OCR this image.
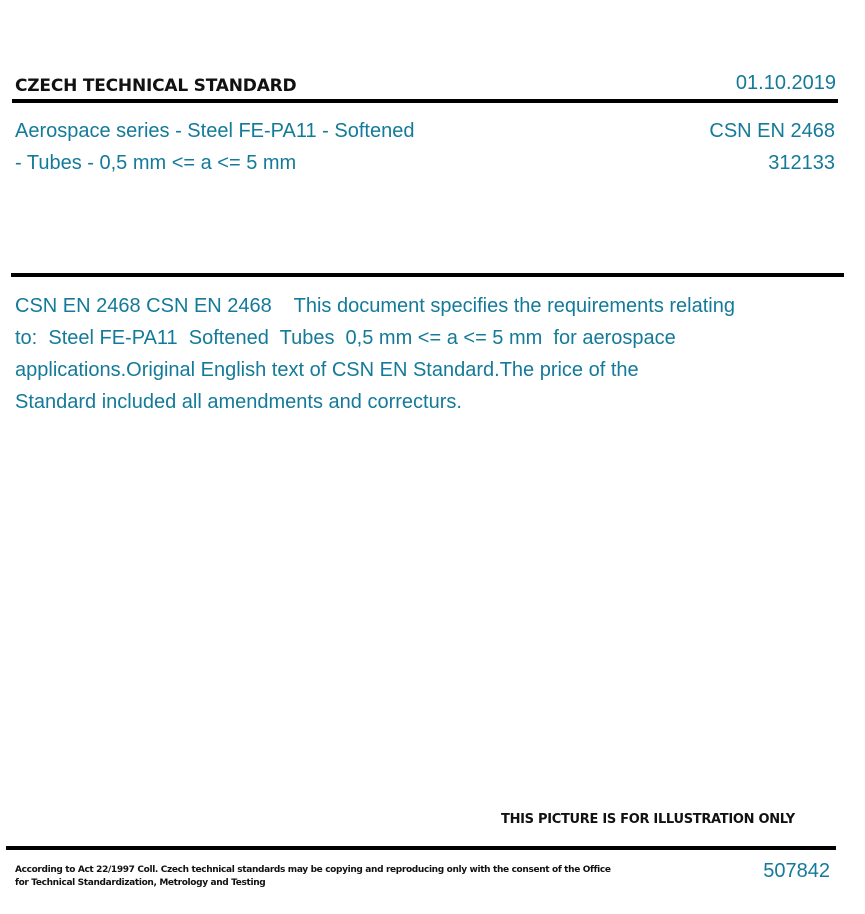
CZECH TECHNICAL STANDARD	01.10.2019
Aerospace series - Steel FE-PA11 - Softened
- Tubes - 0,5 mm <= a <= 5 mm
CSN EN 2468
312133
CSN EN 2468 CSN EN 2468    This document specifies the requirements relating
to:  Steel FE-PA11  Softened  Tubes  0,5 mm <= a <= 5 mm  for aerospace
applications.Original English text of CSN EN Standard.The price of the
Standard included all amendments and correcturs.
THIS PICTURE IS FOR ILLUSTRATION ONLY
According to Act 22/1997 Coll. Czech technical standards may be copying and reproducing only with the consent of the Office
for Technical Standardization, Metrology and Testing
507842
